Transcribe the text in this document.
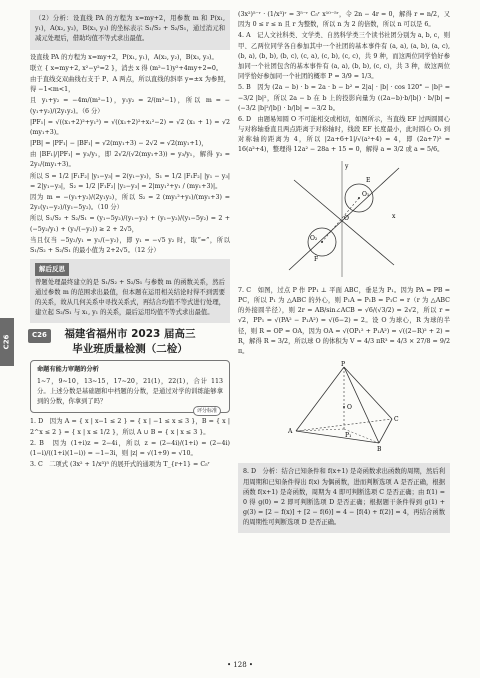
C26

（2）分析：设直线 PA 的方程为 x=my+2，用参数 m 和 P(x₁, y₁)，A(x₂, y₂)，B(x₃, y₃) 的坐标表示 S₁/S₂ + S₂/S₁，通过消元和减元处理后，借助均值不等式求出最值。

设直线 PA 的方程为 x=my+2，P(x₁, y₁)，A(x₂, y₂)，B(x₃, y₃)。

联立 { x=my+2, x²−y²=2 }，消去 x 得 (m²−1)y²+4my+2=0。

由于直线交双曲线右支于 P、A 两点，所以直线的斜率 y=±x 为参照，得 −1<m<1，

且 y₁+y₂ = −4m/(m²−1)，y₁y₂ = 2/(m²−1)，所以 m = −(y₁+y₂)/(2y₁y₂)。（6 分）

|PF₁| = √((x₁+2)²+y₁²) = √((x₁+2)²+x₁²−2) = √2 (x₁ + 1) = √2 (my₁+3)。

|PB| = |PF₁| − |BF₁| = √2(my₁+3) − 2√2 = √2(my₁+1)，

由 |BF₁|/|PF₁| = y₃/y₁，即 2√2/(√2(my₁+3)) = y₃/y₁，解得 y₃ = 2y₁/(my₁+3)。

所以 S = 1/2 |F₁F₂| |y₁−y₃| = 2(y₁−y₃)，S₁ = 1/2 |F₁F₂| |y₁ − y₃| = 2|y₁−y₃|，S₂ = 1/2 |F₁F₂| |y₂−y₃| = 2|my₁²+y₁ / (my₁+3)|。

因为 m = −(y₁+y₂)/(2y₁y₂)，所以 S₂ = 2 (my₁²+y₁)/(my₁+3) = 2y₁(y₁−y₂)/(y₁−5y₂)。（10 分）

所以 S₁/S₂ + S₂/S₁ = (y₁−5y₂)/(y₁−y₂) + (y₁−y₂)/(y₁−5y₂) = 2 + (−5y₂/y₁) + (y₁/(−y₂)) ≥ 2 + 2√5，

当且仅当 −5y₂/y₁ = y₁/(−y₂)，即 y₁ = −√5 y₂ 时，取“=”，所以 S₁/S₂ + S₂/S₁ 的最小值为 2+2√5。（12 分）

解后反思

曾题处理最终建立的是 S₁/S₂ + S₂/S₁ 与参数 m 的函数关系，然后通过参数 m 的范围求出最值，但本题在运用相关结论时得不到需要的关系，故从几何关系中寻找关系式，再结合均值不等式进行处理，建立起 S₂/S₁ 与 x₁, y₁ 的关系，最后运用均值不等式求出最值。

C26	福建省福州市 2023 届高三
毕业班质量检测（二检）
命题有能力审题的分析

1~7，9~10，13~15，17~20，21(1)，22(1)，合计 113 分。上述分数是基础题和中档题的分数，是通过对学的训练能够拿到的分数，你拿到了吗？

评分标准

1. D　因为 A = { x | x−1 ≤ 2 } = { x | −1 ≤ x ≤ 3 }，B = { x | 2^x ≤ 2 } = { x | x ≤ 1/2 }，所以 A ∪ B = { x | x ≤ 3 }。

2. B　因为 (1+i)z = 2−4i，所以 z = (2−4i)/(1+i) = (2−4i)(1−i)/((1+i)(1−i)) = −1−3i，则 |z| = √(1+9) = √10。

3. C　二项式 (3x² + 1/x³)⁵ 的展开式的通项为 T_{r+1} = C₅ʳ

(3x²)⁵⁻ʳ · (1/x³)ʳ = 3⁵⁻ʳ C₅ʳ x¹⁰⁻⁵ʳ，令 2n − 4r = 0，解得 r = n/2，又因为 0 ≤ r ≤ n 且 r 为整数，所以 n 为 2 的倍数，所以 n 可以是 6。

4. A　记人文社科类、文学类、自然科学类三个读书社团分别为 a, b, c，则甲、乙两位同学各自参加其中一个社团的基本事件有 (a, a), (a, b), (a, c), (b, a), (b, b), (b, c), (c, a), (c, b), (c, c)，共 9 种，而这两位同学恰好参加同一个社团包含的基本事件有 (a, a), (b, b), (c, c)，共 3 种，故这两位同学恰好参加同一个社团的概率 P = 3/9 = 1/3。

5. B　因为 (2a − b) · b = 2a · b − b² = 2|a| · |b| · cos 120° − |b|² = −3/2 |b|²，所以 2a − b 在 b 上的投影向量为 ((2a−b)·b/|b|) · b/|b| = (−3/2 |b|²/|b|) · b/|b| = −3/2 b。

6. D　由题易知圆 O 不可能相交或相切，如图所示，当直线 EF 过两圆圆心与对称轴垂直且两点距离于对称轴时，线段 EF 长度最小，此时圆心 O₁ 到对称轴的距离为 4，所以 |2a+6+1|/√(a²+4) = 4，即 (2a+7)² = 16(a²+4)，整理得 12a² − 28a + 15 = 0，解得 a = 3/2 或 a = 5/6。

O₁
O₂
O
E
F
x
y

7. C　如图，过点 P 作 PP₁ ⊥ 平面 ABC，垂足为 P₁。因为 PA = PB = PC，所以 P₁ 为 △ABC 的外心，则 P₁A = P₁B = P₁C = r（r 为 △ABC 的外接圆半径），则 2r = AB/sin∠ACB = √6/(√3/2) = 2√2，所以 r = √2，PP₁ = √(PA² − P₁A²) = √(6−2) = 2。设 O 为球心，R 为球的半径，则 R = OP = OA，因为 OA = √(OP₁² + P₁A²) = √((2−R)² + 2) = R，解得 R = 3/2，所以球 O 的体积为 V = 4/3 πR³ = 4/3 × 27/8 = 9/2 π。

P
A
B
C
O
P₁

8. D　分析：结合已知条件和 f(x+1) 是奇函数求出函数的周期，然后利用周期和已知条件得出 f(x) 为偶函数，进而判断选项 A 是否正确，根据函数 f(x+1) 是奇函数，周期为 4 即可判断选项 C 是否正确；由 f(1) = 0 得 g(0) = 2 即可判断选项 D 是否正确；根据题干条件得到 g(1) + g(3) = [2 − f(x)] + [2 − f(6)] = 4 − [f(4) + f(2)] = 4，再结合函数的周期性可判断选项 D 是否正确。

• 128 •
